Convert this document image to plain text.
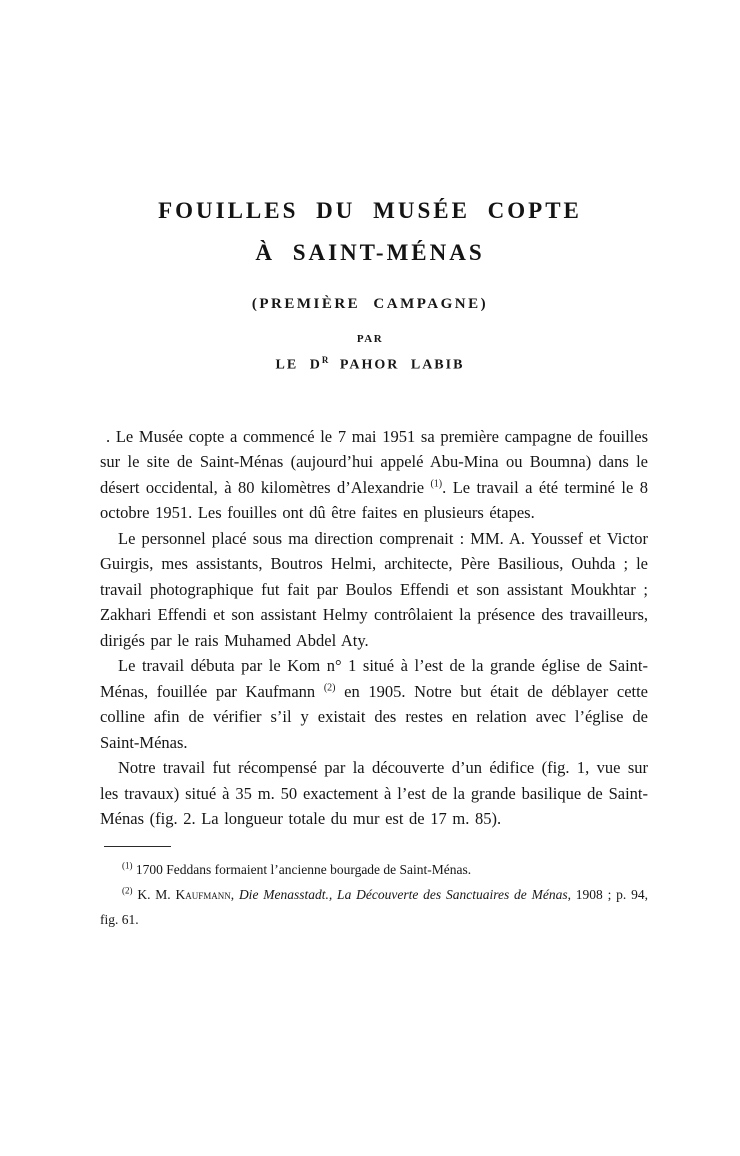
FOUILLES DU MUSÉE COPTE
À SAINT-MÉNAS
(PREMIÈRE CAMPAGNE)
PAR
LE $D^R$ PAHOR LABIB

. Le Musée copte a commencé le 7 mai 1951 sa première campagne de fouilles sur le site de Saint-Ménas (aujourd’hui appelé Abu-Mina ou Boumna) dans le désert occidental, à 80 kilomètres d’Alexandrie $^{(1)}$. Le travail a été terminé le 8 octobre 1951. Les fouilles ont dû être faites en plusieurs étapes.

Le personnel placé sous ma direction comprenait : MM. A. Youssef et Victor Guirgis, mes assistants, Boutros Helmi, architecte, Père Basilious, Ouhda ; le travail photographique fut fait par Boulos Effendi et son assistant Moukhtar ; Zakhari Effendi et son assistant Helmy contrôlaient la présence des travailleurs, dirigés par le rais Muhamed Abdel Aty.

Le travail débuta par le Kom n° 1 situé à l’est de la grande église de Saint-Ménas, fouillée par Kaufmann $^{(2)}$ en 1905. Notre but était de déblayer cette colline afin de vérifier s’il y existait des restes en relation avec l’église de Saint-Ménas.

Notre travail fut récompensé par la découverte d’un édifice (fig. 1, vue sur les travaux) situé à 35 m. 50 exactement à l’est de la grande basilique de Saint-Ménas (fig. 2. La longueur totale du mur est de 17 m. 85).

$^{(1)}$ 1700 Feddans formaient l’ancienne bourgade de Saint-Ménas.

$^{(2)}$ K. M. Kaufmann, Die Menasstadt., La Découverte des Sanctuaires de Ménas, 1908 ; p. 94, fig. 61.
